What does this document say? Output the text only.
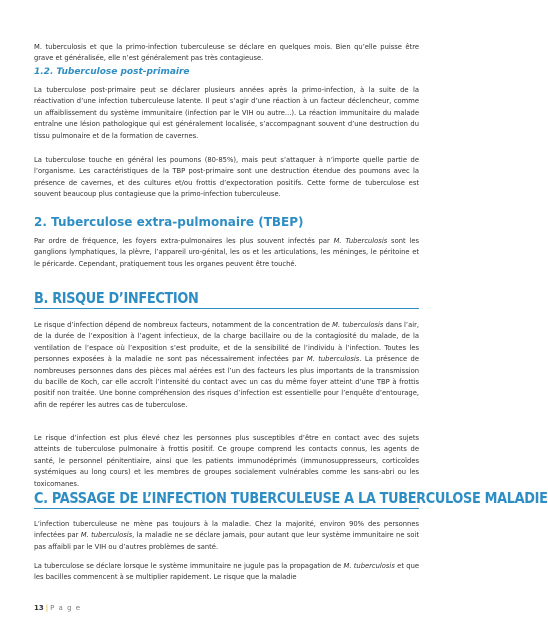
M. tuberculosis et que la primo-infection tuberculeuse se déclare en quelques mois. Bien qu’elle puisse être grave et généralisée, elle n’est généralement pas très contagieuse.

1.2. Tuberculose post-primaire

La tuberculose post-primaire peut se déclarer plusieurs années après la primo-infection, à la suite de la réactivation d’une infection tuberculeuse latente. Il peut s’agir d’une réaction à un facteur déclencheur, comme un affaiblissement du système immunitaire (infection par le VIH ou autre...). La réaction immunitaire du malade entraîne une lésion pathologique qui est généralement localisée, s’accompagnant souvent d’une destruction du tissu pulmonaire et de la formation de cavernes.

La tuberculose touche en général les poumons (80-85%), mais peut s’attaquer à n’importe quelle partie de l’organisme. Les caractéristiques de la TBP post-primaire sont une destruction étendue des poumons avec la présence de cavernes, et des cultures et/ou frottis d’expectoration positifs. Cette forme de tuberculose est souvent beaucoup plus contagieuse que la primo-infection tuberculeuse.

2. Tuberculose extra-pulmonaire (TBEP)

Par ordre de fréquence, les foyers extra-pulmonaires les plus souvent infectés par M. Tuberculosis sont les ganglions lymphatiques, la plèvre, l’appareil uro-génital, les os et les articulations, les méninges, le péritoine et le péricarde. Cependant, pratiquement tous les organes peuvent être touché.

B. RISQUE D’INFECTION

Le risque d’infection dépend de nombreux facteurs, notamment de la concentration de M. tuberculosis dans l’air, de la durée de l’exposition à l’agent infectieux, de la charge bacillaire ou de la contagiosité du malade, de la ventilation de l’espace où l’exposition s’est produite, et de la sensibilité de l’individu à l’infection. Toutes les personnes exposées à la maladie ne sont pas nécessairement infectées par M. tuberculosis. La présence de nombreuses personnes dans des pièces mal aérées est l’un des facteurs les plus importants de la transmission du bacille de Koch, car elle accroît l’intensité du contact avec un cas du même foyer atteint d’une TBP à frottis positif non traitée. Une bonne compréhension des risques d’infection est essentielle pour l’enquête d’entourage, afin de repérer les autres cas de tuberculose.

Le risque d’infection est plus élevé chez les personnes plus susceptibles d’être en contact avec des sujets atteints de tuberculose pulmonaire à frottis positif. Ce groupe comprend les contacts connus, les agents de santé, le personnel pénitentiaire, ainsi que les patients immunodéprimés (immunosuppresseurs, corticoïdes systémiques au long cours) et les membres de groupes socialement vulnérables comme les sans-abri ou les toxicomanes.

C. PASSAGE DE L’INFECTION TUBERCULEUSE A LA TUBERCULOSE MALADIE

L’infection tuberculeuse ne mène pas toujours à la maladie. Chez la majorité, environ 90% des personnes infectées par M. tuberculosis, la maladie ne se déclare jamais, pour autant que leur système immunitaire ne soit pas affaibli par le VIH ou d’autres problèmes de santé.

La tuberculose se déclare lorsque le système immunitaire ne jugule pas la propagation de M. tuberculosis et que les bacilles commencent à se multiplier rapidement. Le risque que la maladie

13 | P a g e
